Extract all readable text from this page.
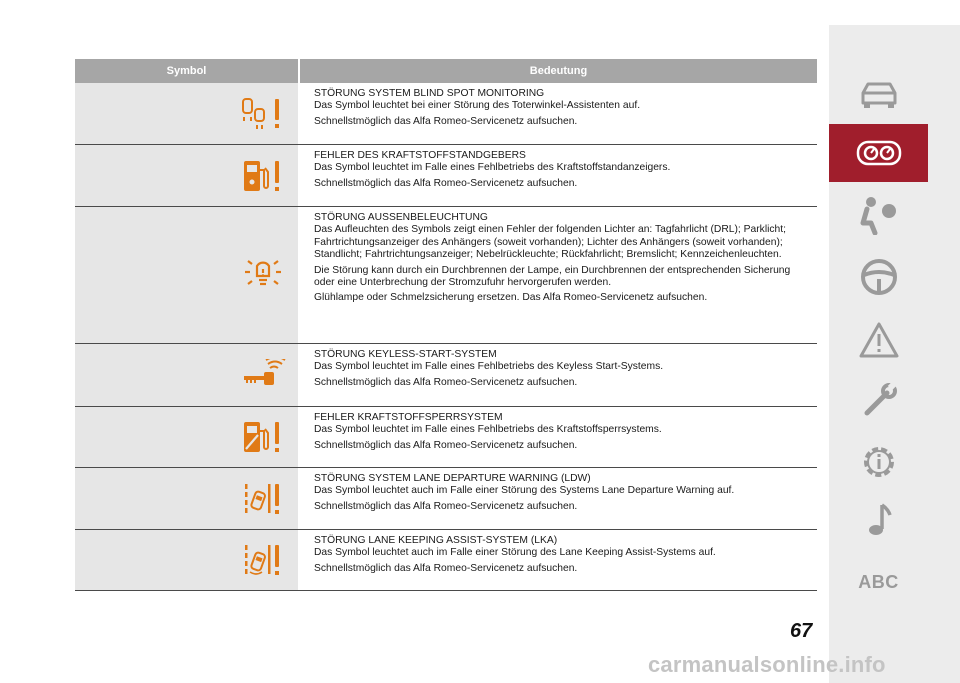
Symbol	Bedeutung

STÖRUNG SYSTEM BLIND SPOT MONITORING

Das Symbol leuchtet bei einer Störung des Toterwinkel-Assistenten auf.

Schnellstmöglich das Alfa Romeo-Servicenetz aufsuchen.

FEHLER DES KRAFTSTOFFSTANDGEBERS

Das Symbol leuchtet im Falle eines Fehlbetriebs des Kraftstoffstandanzeigers.

Schnellstmöglich das Alfa Romeo-Servicenetz aufsuchen.

STÖRUNG AUSSENBELEUCHTUNG

Das Aufleuchten des Symbols zeigt einen Fehler der folgenden Lichter an: Tagfahrlicht (DRL); Parklicht; Fahrtrichtungsanzeiger des Anhängers (soweit vorhanden); Lichter des Anhängers (soweit vorhanden); Standlicht; Fahrtrichtungsanzeiger; Nebelrückleuchte; Rückfahrlicht; Bremslicht; Kennzeichenleuchten.

Die Störung kann durch ein Durchbrennen der Lampe, ein Durchbrennen der entsprechenden Sicherung oder eine Unterbrechung der Stromzufuhr hervorgerufen werden.

Glühlampe oder Schmelzsicherung ersetzen. Das Alfa Romeo-Servicenetz aufsuchen.

STÖRUNG KEYLESS-START-SYSTEM

Das Symbol leuchtet im Falle eines Fehlbetriebs des Keyless Start-Systems.

Schnellstmöglich das Alfa Romeo-Servicenetz aufsuchen.

FEHLER KRAFTSTOFFSPERRSYSTEM

Das Symbol leuchtet im Falle eines Fehlbetriebs des Kraftstoffsperrsystems.

Schnellstmöglich das Alfa Romeo-Servicenetz aufsuchen.

STÖRUNG SYSTEM LANE DEPARTURE WARNING (LDW)

Das Symbol leuchtet auch im Falle einer Störung des Systems Lane Departure Warning auf.

Schnellstmöglich das Alfa Romeo-Servicenetz aufsuchen.

STÖRUNG LANE KEEPING ASSIST-SYSTEM (LKA)

Das Symbol leuchtet auch im Falle einer Störung des Lane Keeping Assist-Systems auf.

Schnellstmöglich das Alfa Romeo-Servicenetz aufsuchen.

ABC
67
carmanualsonline.info
